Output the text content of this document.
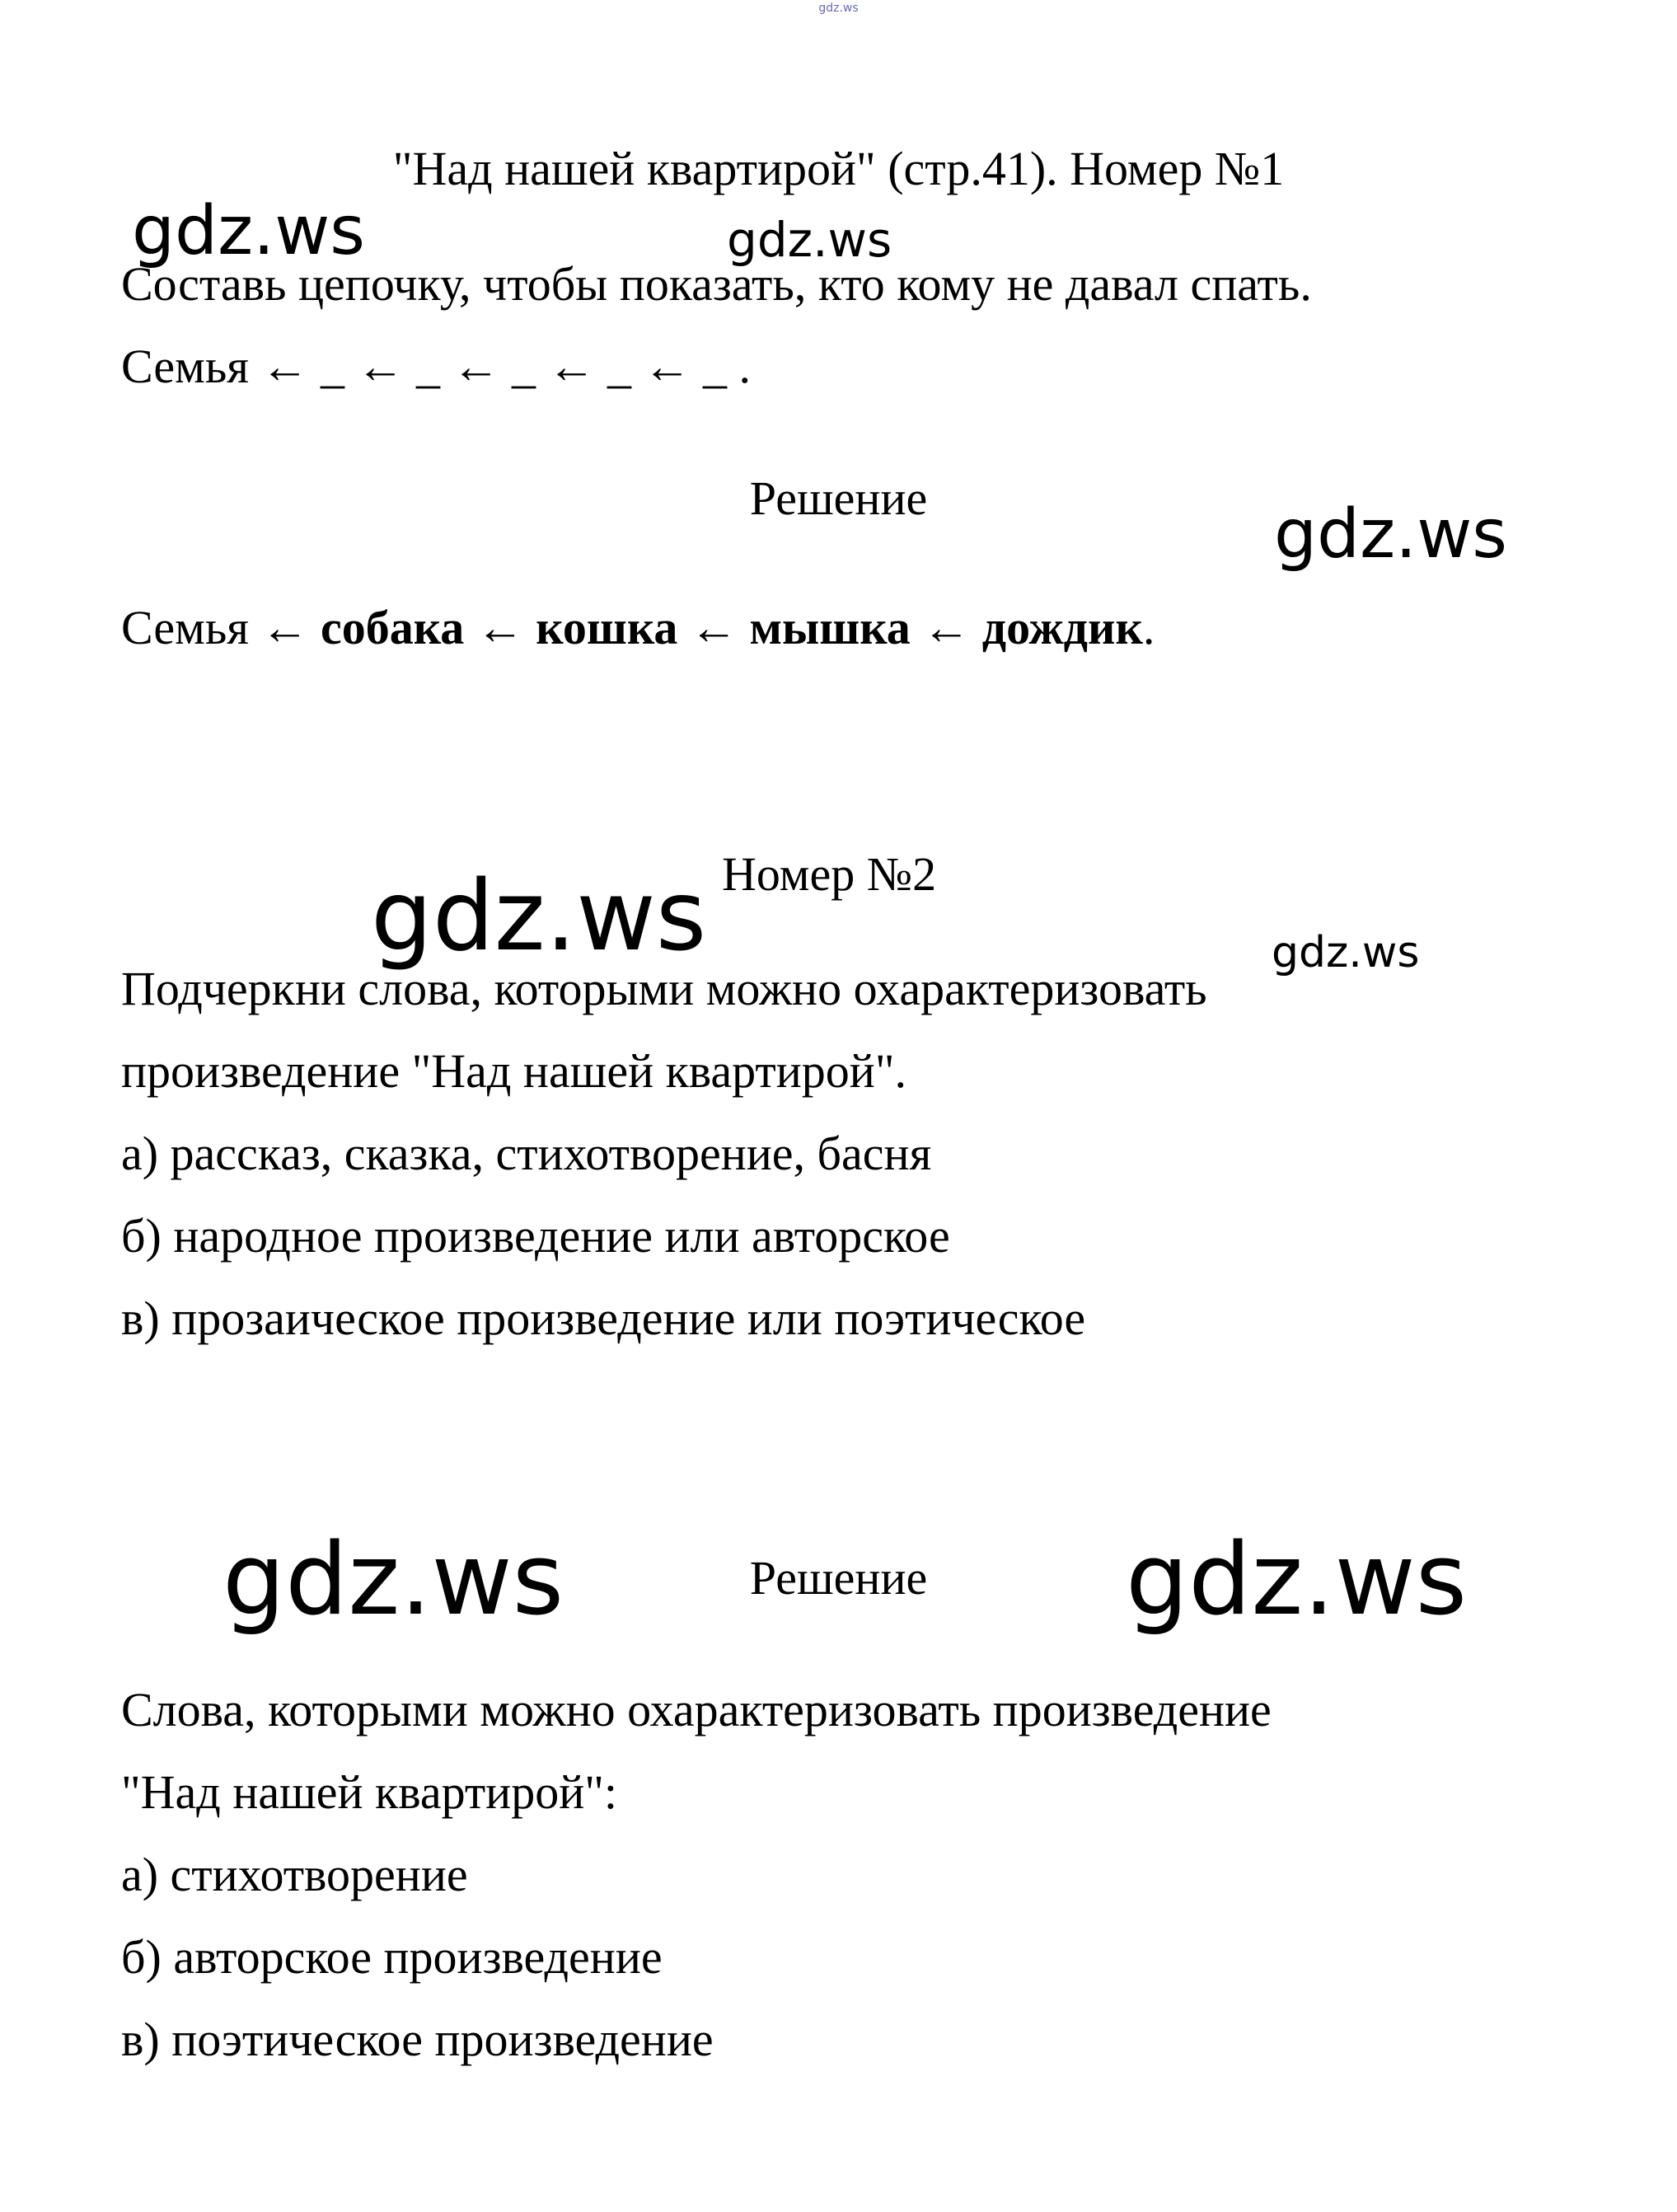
gdz.ws
"Над нашей квартирой" (стр.41). Номер №1
gdz.ws	gdz.ws
Составь цепочку, чтобы показать, кто кому не давал спать.
Семья ← _ ← _ ← _ ← _ ← _ .
Решение	gdz.ws
Семья ← собака ← кошка ← мышка ← дождик.
Номер №2
gdz.ws	gdz.ws
Подчеркни слова, которыми можно охарактеризовать
произведение "Над нашей квартирой".
а) рассказ, сказка, стихотворение, басня
б) народное произведение или авторское
в) прозаическое произведение или поэтическое
gdz.ws	Решение	gdz.ws
Слова, которыми можно охарактеризовать произведение
"Над нашей квартирой":
а) стихотворение
б) авторское произведение
в) поэтическое произведение
